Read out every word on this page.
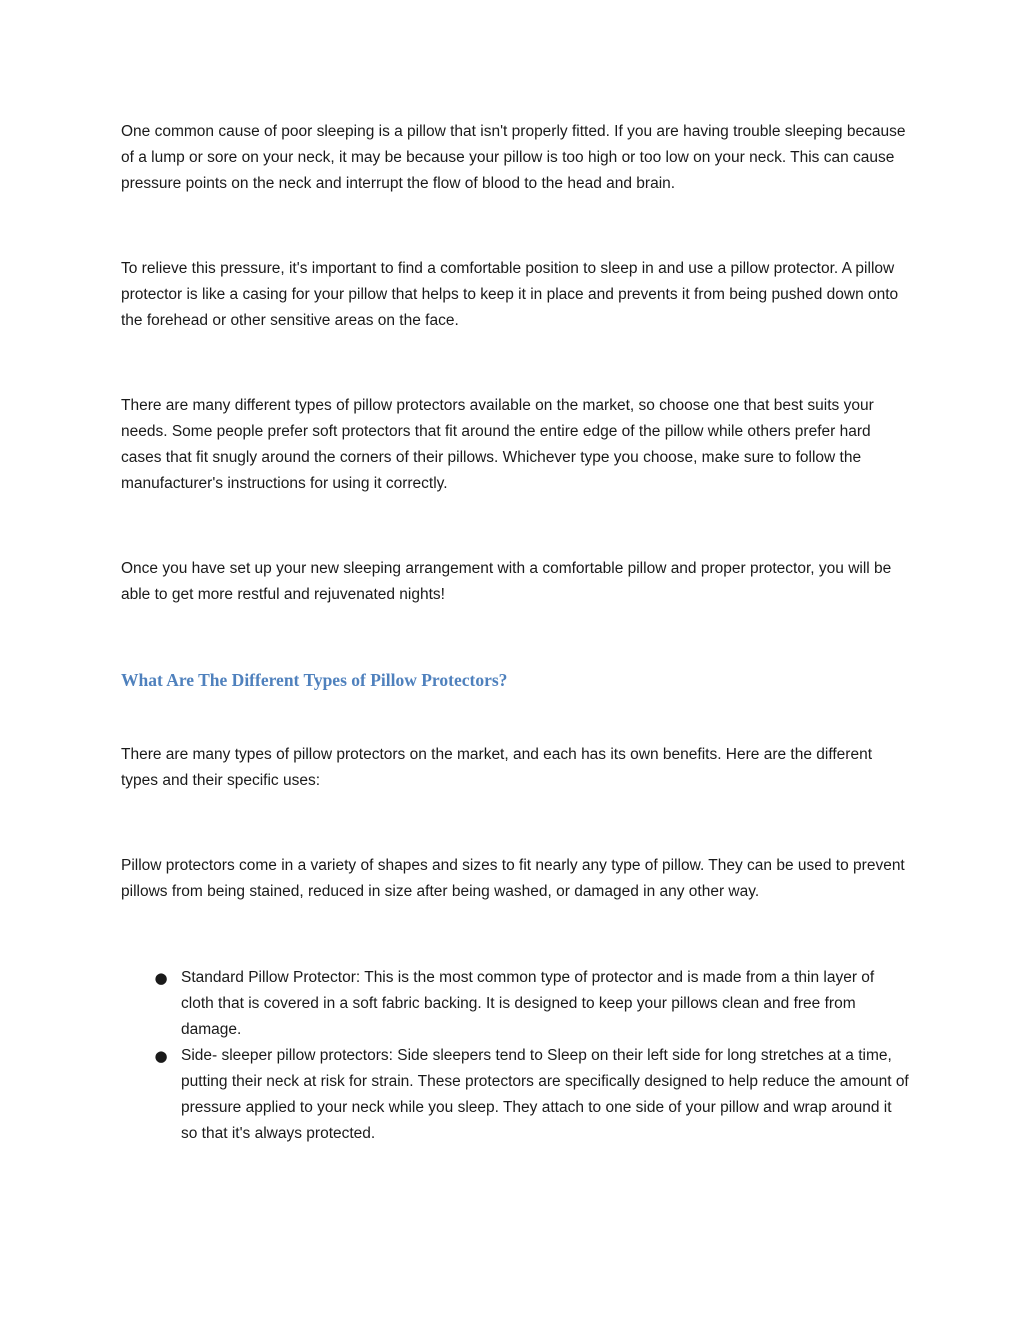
One common cause of poor sleeping is a pillow that isn't properly fitted. If you are having trouble sleeping because of a lump or sore on your neck, it may be because your pillow is too high or too low on your neck. This can cause pressure points on the neck and interrupt the flow of blood to the head and brain.

To relieve this pressure, it's important to find a comfortable position to sleep in and use a pillow protector. A pillow protector is like a casing for your pillow that helps to keep it in place and prevents it from being pushed down onto the forehead or other sensitive areas on the face.

There are many different types of pillow protectors available on the market, so choose one that best suits your needs. Some people prefer soft protectors that fit around the entire edge of the pillow while others prefer hard cases that fit snugly around the corners of their pillows. Whichever type you choose, make sure to follow the manufacturer's instructions for using it correctly.

Once you have set up your new sleeping arrangement with a comfortable pillow and proper protector, you will be able to get more restful and rejuvenated nights!

What Are The Different Types of Pillow Protectors?

There are many types of pillow protectors on the market, and each has its own benefits. Here are the different types and their specific uses:

Pillow protectors come in a variety of shapes and sizes to fit nearly any type of pillow. They can be used to prevent pillows from being stained, reduced in size after being washed, or damaged in any other way.

● Standard Pillow Protector: This is the most common type of protector and is made from a thin layer of cloth that is covered in a soft fabric backing. It is designed to keep your pillows clean and free from damage.
● Side- sleeper pillow protectors: Side sleepers tend to Sleep on their left side for long stretches at a time, putting their neck at risk for strain. These protectors are specifically designed to help reduce the amount of pressure applied to your neck while you sleep. They attach to one side of your pillow and wrap around it so that it's always protected.
